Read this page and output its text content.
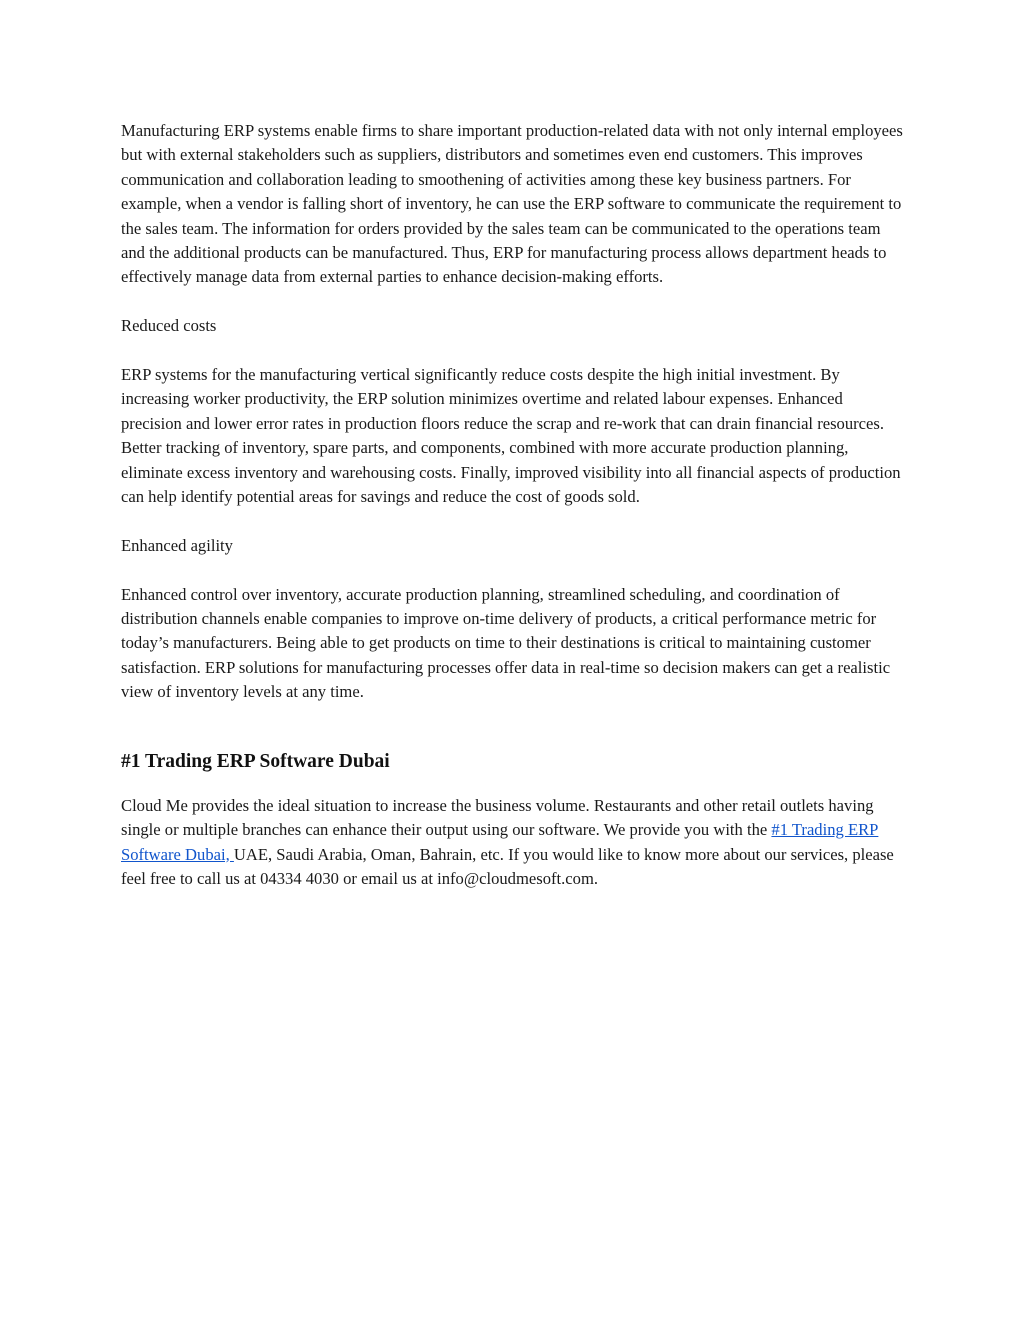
Manufacturing ERP systems enable firms to share important production-related data with not only internal employees but with external stakeholders such as suppliers, distributors and sometimes even end customers. This improves communication and collaboration leading to smoothening of activities among these key business partners. For example, when a vendor is falling short of inventory, he can use the ERP software to communicate the requirement to the sales team. The information for orders provided by the sales team can be communicated to the operations team and the additional products can be manufactured. Thus, ERP for manufacturing process allows department heads to effectively manage data from external parties to enhance decision-making efforts.

Reduced costs

ERP systems for the manufacturing vertical significantly reduce costs despite the high initial investment. By increasing worker productivity, the ERP solution minimizes overtime and related labour expenses. Enhanced precision and lower error rates in production floors reduce the scrap and re-work that can drain financial resources. Better tracking of inventory, spare parts, and components, combined with more accurate production planning, eliminate excess inventory and warehousing costs. Finally, improved visibility into all financial aspects of production can help identify potential areas for savings and reduce the cost of goods sold.

Enhanced agility

Enhanced control over inventory, accurate production planning, streamlined scheduling, and coordination of distribution channels enable companies to improve on-time delivery of products, a critical performance metric for today’s manufacturers. Being able to get products on time to their destinations is critical to maintaining customer satisfaction. ERP solutions for manufacturing processes offer data in real-time so decision makers can get a realistic view of inventory levels at any time.

#1 Trading ERP Software Dubai

Cloud Me provides the ideal situation to increase the business volume. Restaurants and other retail outlets having single or multiple branches can enhance their output using our software. We provide you with the #1 Trading ERP Software Dubai, UAE, Saudi Arabia, Oman, Bahrain, etc. If you would like to know more about our services, please feel free to call us at 04334 4030 or email us at info@cloudmesoft.com.
